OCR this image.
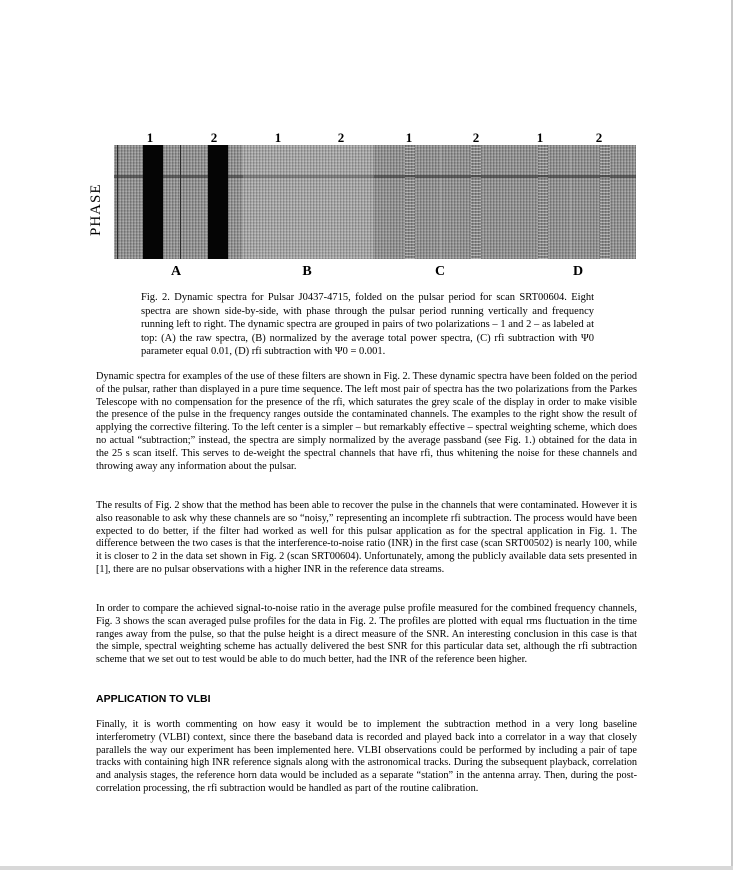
1	2	1	2	1	2	1	2
PHASE
A	B	C	D
Fig. 2. Dynamic spectra for Pulsar J0437-4715, folded on the pulsar period for scan SRT00604. Eight spectra are shown side-by-side, with phase through the pulsar period running vertically and frequency running left to right. The dynamic spectra are grouped in pairs of two polarizations – 1 and 2 – as labeled at top: (A) the raw spectra, (B) normalized by the average total power spectra, (C) rfi subtraction with Ψ0 parameter equal 0.01, (D) rfi subtraction with Ψ0 = 0.001.

Dynamic spectra for examples of the use of these filters are shown in Fig. 2. These dynamic spectra have been folded on the period of the pulsar, rather than displayed in a pure time sequence. The left most pair of spectra has the two polarizations from the Parkes Telescope with no compensation for the presence of the rfi, which saturates the grey scale of the display in order to make visible the presence of the pulse in the frequency ranges outside the contaminated channels. The examples to the right show the result of applying the corrective filtering. To the left center is a simpler – but remarkably effective – spectral weighting scheme, which does no actual “subtraction;” instead, the spectra are simply normalized by the average passband (see Fig. 1.) obtained for the data in the 25 s scan itself. This serves to de-weight the spectral channels that have rfi, thus whitening the noise for these channels and throwing away any information about the pulsar.

The results of Fig. 2 show that the method has been able to recover the pulse in the channels that were contaminated. However it is also reasonable to ask why these channels are so “noisy,” representing an incomplete rfi subtraction. The process would have been expected to do better, if the filter had worked as well for this pulsar application as for the spectral application in Fig. 1. The difference between the two cases is that the interference-to-noise ratio (INR) in the first case (scan SRT00502) is nearly 100, while it is closer to 2 in the data set shown in Fig. 2 (scan SRT00604). Unfortunately, among the publicly available data sets presented in [1], there are no pulsar observations with a higher INR in the reference data streams.

In order to compare the achieved signal-to-noise ratio in the average pulse profile measured for the combined frequency channels, Fig. 3 shows the scan averaged pulse profiles for the data in Fig. 2. The profiles are plotted with equal rms fluctuation in the time ranges away from the pulse, so that the pulse height is a direct measure of the SNR. An interesting conclusion in this case is that the simple, spectral weighting scheme has actually delivered the best SNR for this particular data set, although the rfi subtraction scheme that we set out to test would be able to do much better, had the INR of the reference been higher.

APPLICATION TO VLBI

Finally, it is worth commenting on how easy it would be to implement the subtraction method in a very long baseline interferometry (VLBI) context, since there the baseband data is recorded and played back into a correlator in a way that closely parallels the way our experiment has been implemented here. VLBI observations could be performed by including a pair of tape tracks with containing high INR reference signals along with the astronomical tracks. During the subsequent playback, correlation and analysis stages, the reference horn data would be included as a separate “station” in the antenna array. Then, during the post-correlation processing, the rfi subtraction would be handled as part of the routine calibration.
